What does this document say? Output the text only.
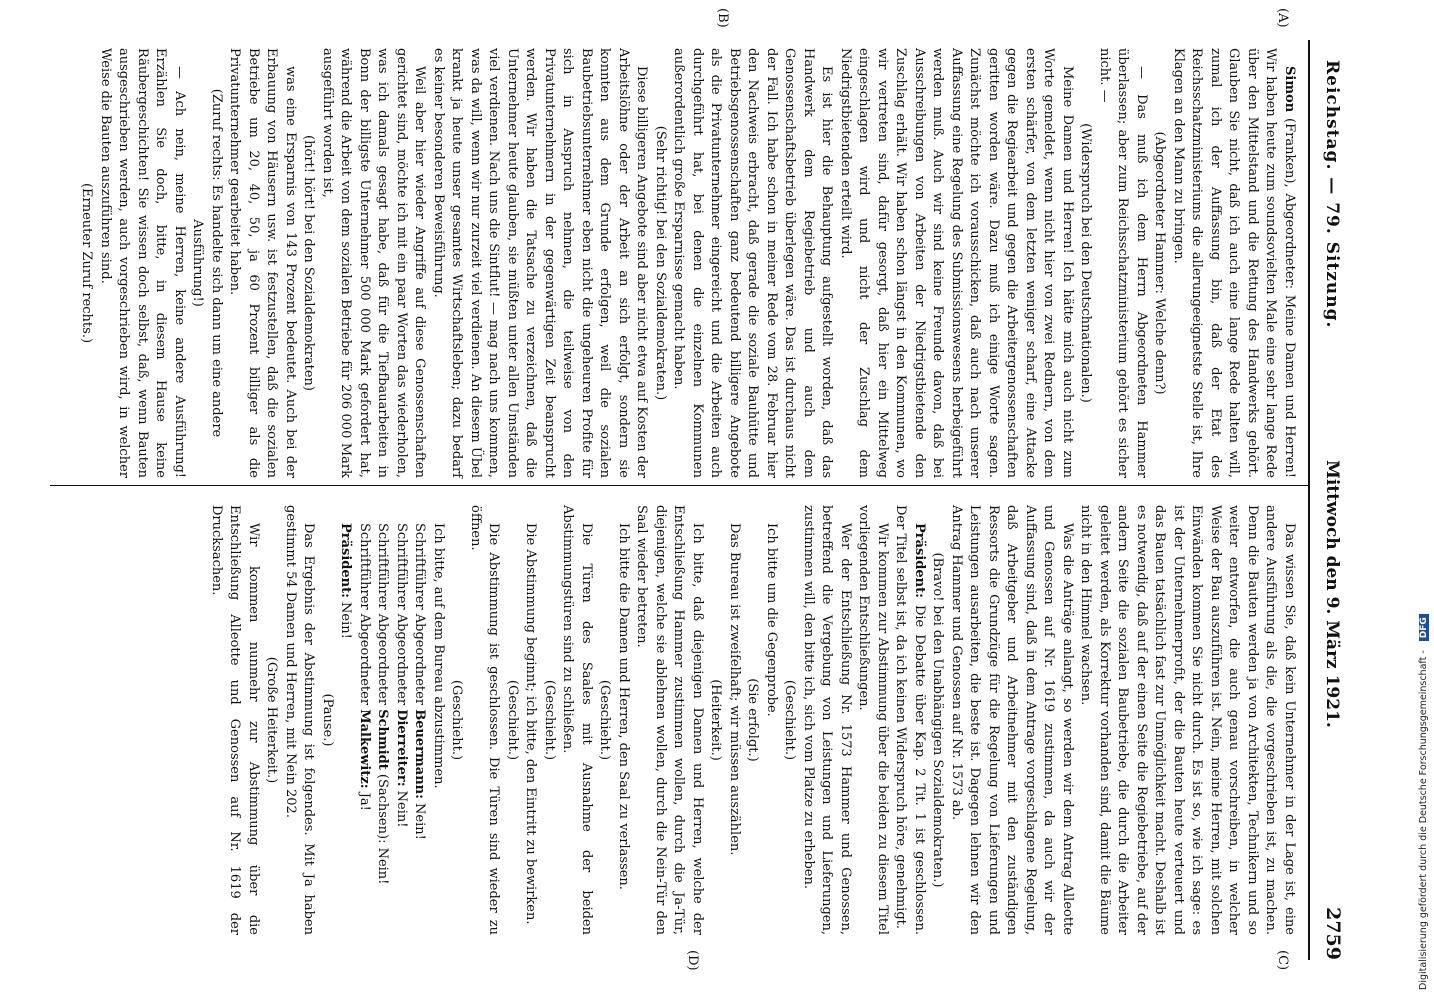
Reichstag. — 79. Sitzung.
Mittwoch den 9. März 1921.
2759
(A)
(B)
(C)
(D)

Simon (Franken), Abgeordneter: Meine Damen und Herren! Wir haben heute zum soundsovielten Male eine sehr lange Rede über den Mittelstand und die Rettung des Handwerks gehört. Glauben Sie nicht, daß ich auch eine lange Rede halten will, zumal ich der Auffassung bin, daß der Etat des Reichsschatzministeriums die allerungeeignetste Stelle ist, Ihre Klagen an den Mann zu bringen.

(Abgeordneter Hammer: Welche denn?)

— Das muß ich dem Herrn Abgeordneten Hammer überlassen; aber zum Reichsschatzministerium gehört es sicher nicht. —

(Widerspruch bei den Deutschnationalen.)

Meine Damen und Herren! Ich hätte mich auch nicht zum Worte gemeldet, wenn nicht hier von zwei Rednern, von dem ersten schärfer, von dem letzten weniger scharf, eine Attacke gegen die Regiearbeit und gegen die Arbeitergenossenschaften geritten worden wäre. Dazu muß ich einige Worte sagen. Zunächst möchte ich vorausschicken, daß auch nach unserer Auffassung eine Regelung des Submissionswesens herbeigeführt werden muß. Auch wir sind keine Freunde davon, daß bei Ausschreibungen von Arbeiten der Niedrigstbietende den Zuschlag erhält. Wir haben schon längst in den Kommunen, wo wir vertreten sind, dafür gesorgt, daß hier ein Mittelweg eingeschlagen wird und nicht der Zuschlag dem Niedrigstbietenden erteilt wird.

Es ist hier die Behauptung aufgestellt worden, daß das Handwerk dem Regiebetrieb und auch dem Genossenschaftsbetrieb überlegen wäre. Das ist durchaus nicht der Fall. Ich habe schon in meiner Rede vom 28. Februar hier den Nachweis erbracht, daß gerade die soziale Bauhütte und Betriebsgenossenschaften ganz bedeutend billigere Angebote als die Privatunternehmer eingereicht und die Arbeiten auch durchgeführt hat, bei denen die einzelnen Kommunen außerordentlich große Ersparnisse gemacht haben.

(Sehr richtig! bei den Sozialdemokraten.)

Diese billigeren Angebote sind aber nicht etwa auf Kosten der Arbeitslöhne oder der Arbeit an sich erfolgt, sondern sie konnten aus dem Grunde erfolgen, weil die sozialen Baubetriebsunternehmer eben nicht die ungeheuren Profite für sich in Anspruch nehmen, die teilweise von den Privatunternehmern in der gegenwärtigen Zeit beansprucht werden. Wir haben die Tatsache zu verzeichnen, daß die Unternehmer heute glauben, sie müßten unter allen Umständen viel verdienen. Nach uns die Sintflut! — mag nach uns kommen, was da will, wenn wir nur zurzeit viel verdienen. An diesem Übel krankt ja heute unser gesamtes Wirtschaftsleben; dazu bedarf es keiner besonderen Beweisführung.

Weil aber hier wieder Angriffe auf diese Genossenschaften gerichtet sind, möchte ich mit ein paar Worten das wiederholen, was ich damals gesagt habe, daß für die Tiefbauarbeiten in Bonn der billigste Unternehmer 500 000 Mark gefordert hat, während die Arbeit von dem sozialen Betriebe für 206 000 Mark ausgeführt worden ist,

(hört! hört! bei den Sozialdemokraten)

was eine Ersparnis von 143 Prozent bedeutet. Auch bei der Erbauung von Häusern usw. ist festzustellen, daß die sozialen Betriebe um 20, 40, 50, ja 60 Prozent billiger als die Privatunternehmer gearbeitet haben.

(Zuruf rechts: Es handelte sich dann um eine andere Ausführung!)

— Ach nein, meine Herren, keine andere Ausführung! Erzählen Sie doch, bitte, in diesem Hause keine Räubergeschichten! Sie wissen doch selbst, daß, wenn Bauten ausgeschrieben werden, auch vorgeschrieben wird, in welcher Weise die Bauten auszuführen sind.

(Erneuter Zuruf rechts.)

Das wissen Sie, daß kein Unternehmer in der Lage ist, eine andere Ausführung als die, die vorgeschrieben ist, zu machen. Denn die Bauten werden ja von Architekten, Technikern und so weiter entworfen, die auch genau vorschreiben, in welcher Weise der Bau auszuführen ist. Nein, meine Herren, mit solchen Einwänden kommen Sie nicht durch. Es ist so, wie ich sage: es ist der Unternehmerprofit, der die Bauten heute verteuert und das Bauen tatsächlich fast zur Unmöglichkeit macht. Deshalb ist es notwendig, daß auf der einen Seite die Regiebetriebe, auf der andern Seite die sozialen Baubetriebe, die durch die Arbeiter geleitet werden, als Korrektur vorhanden sind, damit die Bäume nicht in den Himmel wachsen.

Was die Anträge anlangt, so werden wir dem Antrag Alleotte und Genossen auf Nr. 1619 zustimmen, da auch wir der Auffassung sind, daß in dem Antrage vorgeschlagene Regelung, daß Arbeitgeber und Arbeitnehmer mit den zuständigen Ressorts die Grundzüge für die Regelung von Lieferungen und Leistungen ausarbeiten, die beste ist. Dagegen lehnen wir den Antrag Hammer und Genossen auf Nr. 1573 ab.

(Bravo! bei den Unabhängigen Sozialdemokraten.)

Präsident: Die Debatte über Kap. 2 Tit. 1 ist geschlossen. Der Titel selbst ist, da ich keinen Widerspruch höre, genehmigt.

Wir kommen zur Abstimmung über die beiden zu diesem Titel vorliegenden Entschließungen.

Wer der Entschließung Nr. 1573 Hammer und Genossen, betreffend die Vergebung von Leistungen und Lieferungen, zustimmen will, den bitte ich, sich vom Platze zu erheben.

(Geschieht.)

Ich bitte um die Gegenprobe.

(Sie erfolgt.)

Das Bureau ist zweifelhaft; wir müssen auszählen.

(Heiterkeit.)

Ich bitte, daß diejenigen Damen und Herren, welche der Entschließung Hammer zustimmen wollen, durch die Ja-Tür, diejenigen, welche sie ablehnen wollen, durch die Nein-Tür den Saal wieder betreten.

Ich bitte die Damen und Herren, den Saal zu verlassen.

(Geschieht.)

Die Türen des Saales mit Ausnahme der beiden Abstimmungstüren sind zu schließen.

(Geschieht.)

Die Abstimmung beginnt; ich bitte, den Eintritt zu bewirken.

(Geschieht.)

Die Abstimmung ist geschlossen. Die Türen sind wieder zu öffnen.

(Geschieht.)

Ich bitte, auf dem Bureau abzustimmen.

Schriftführer Abgeordneter Beuermann: Nein!

Schriftführer Abgeordneter Dierreiter: Nein!

Schriftführer Abgeordneter Schmidt (Sachsen): Nein!

Schriftführer Abgeordneter Malkewitz: Ja!

Präsident: Nein!

(Pause.)

Das Ergebnis der Abstimmung ist folgendes. Mit Ja haben gestimmt 54 Damen und Herren, mit Nein 202.

(Große Heiterkeit.)

Wir kommen nunmehr zur Abstimmung über die Entschließung Alleotte und Genossen auf Nr. 1619 der Drucksachen.

Digitalisierung gefördert durch die Deutsche Forschungsgemeinschaft - DFG
